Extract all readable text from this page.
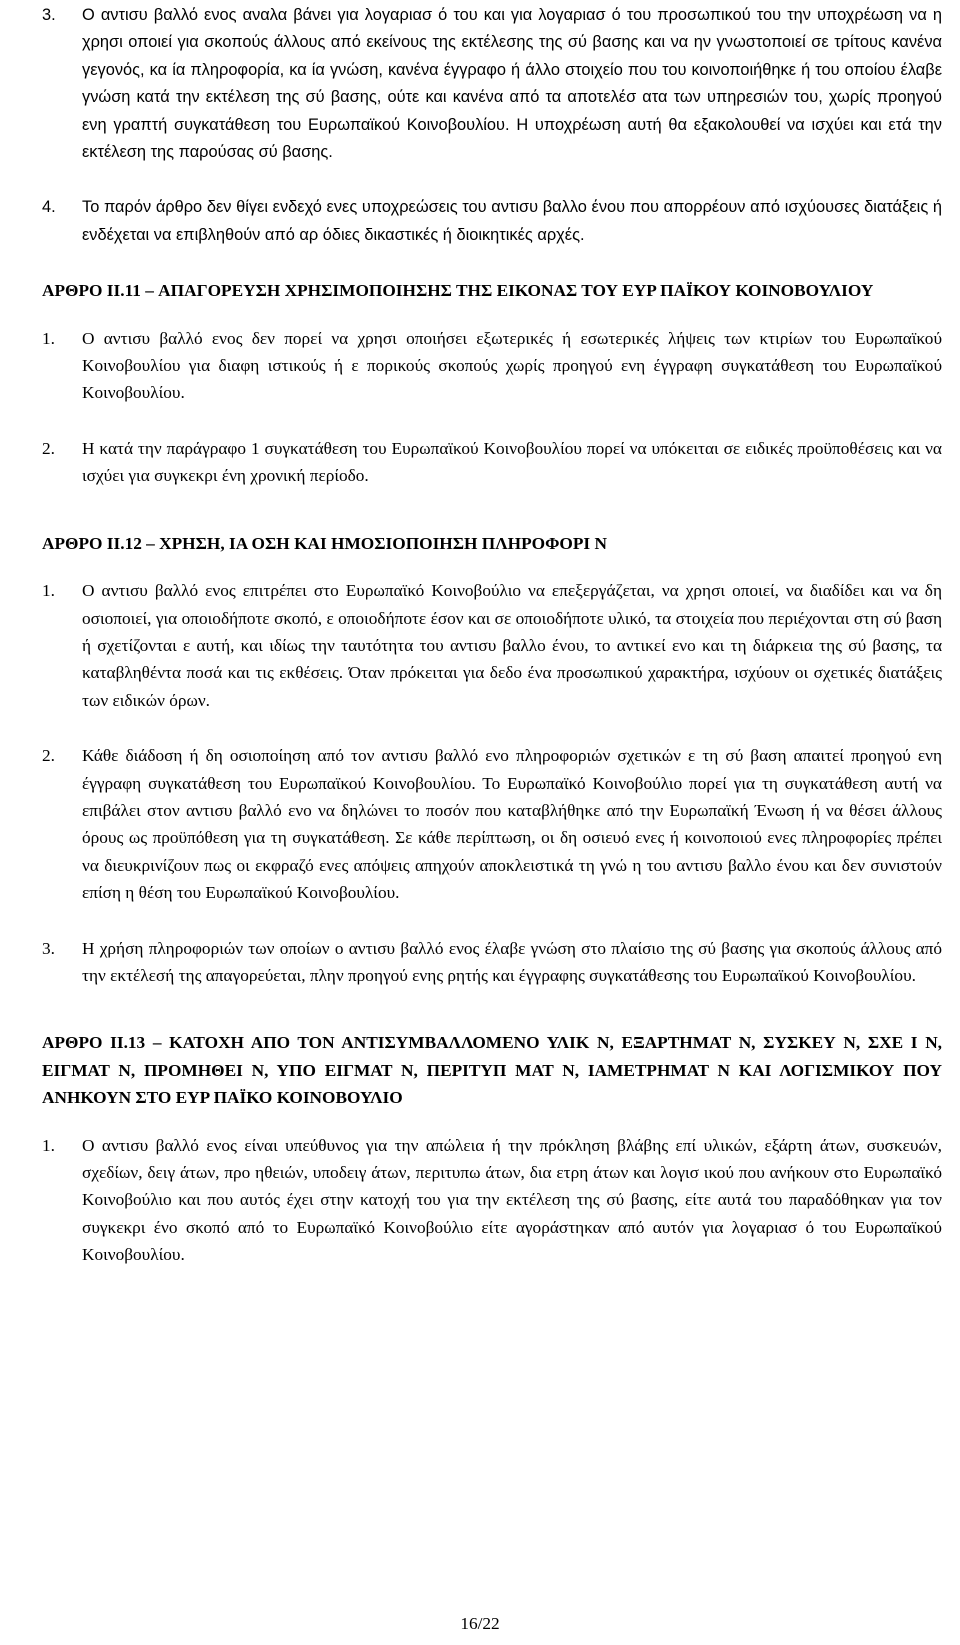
3.	Ο αντισυ βαλλό ενος αναλα βάνει για λογαριασ ό του και για λογαριασ ό του προσωπικού του την υποχρέωση να η χρησι οποιεί για σκοπούς άλλους από εκείνους της εκτέλεσης της σύ βασης και να ην γνωστοποιεί σε τρίτους κανένα γεγονός, κα ία πληροφορία, κα ία γνώση, κανένα έγγραφο ή άλλο στοιχείο που του κοινοποιήθηκε ή του οποίου έλαβε γνώση κατά την εκτέλεση της σύ βασης, ούτε και κανένα από τα αποτελέσ ατα των υπηρεσιών του, χωρίς προηγού ενη γραπτή συγκατάθεση του Ευρωπαϊκού Κοινοβουλίου. Η υποχρέωση αυτή θα εξακολουθεί να ισχύει και ετά την εκτέλεση της παρούσας σύ βασης.
4.	Το παρόν άρθρο δεν θίγει ενδεχό ενες υποχρεώσεις του αντισυ βαλλο ένου που απορρέουν από ισχύουσες διατάξεις ή ενδέχεται να επιβληθούν από αρ όδιες δικαστικές ή διοικητικές αρχές.
ΑΡΘΡΟ II.11 – ΑΠΑΓΟΡΕΥΣΗ ΧΡΗΣΙΜΟΠΟΙΗΣΗΣ ΤΗΣ ΕΙΚΟΝΑΣ ΤΟΥ ΕΥΡ ΠΑΪΚΟΥ ΚΟΙΝΟΒΟΥΛΙΟΥ
1.	Ο αντισυ βαλλό ενος δεν πορεί να χρησι οποιήσει εξωτερικές ή εσωτερικές λήψεις των κτιρίων του Ευρωπαϊκού Κοινοβουλίου για διαφη ιστικούς ή ε πορικούς σκοπούς χωρίς προηγού ενη έγγραφη συγκατάθεση του Ευρωπαϊκού Κοινοβουλίου.
2.	Η κατά την παράγραφο 1 συγκατάθεση του Ευρωπαϊκού Κοινοβουλίου πορεί να υπόκειται σε ειδικές προϋποθέσεις και να ισχύει για συγκεκρι ένη χρονική περίοδο.
ΑΡΘΡΟ II.12 – ΧΡΗΣΗ, ΙΑ ΟΣΗ ΚΑΙ ΗΜΟΣΙΟΠΟΙΗΣΗ ΠΛΗΡΟΦΟΡΙ Ν
1.	Ο αντισυ βαλλό ενος επιτρέπει στο Ευρωπαϊκό Κοινοβούλιο να επεξεργάζεται, να χρησι οποιεί, να διαδίδει και να δη οσιοποιεί, για οποιοδήποτε σκοπό, ε οποιοδήποτε έσον και σε οποιοδήποτε υλικό, τα στοιχεία που περιέχονται στη σύ βαση ή σχετίζονται ε αυτή, και ιδίως την ταυτότητα του αντισυ βαλλο ένου, το αντικεί ενο και τη διάρκεια της σύ βασης, τα καταβληθέντα ποσά και τις εκθέσεις. Όταν πρόκειται για δεδο ένα προσωπικού χαρακτήρα, ισχύουν οι σχετικές διατάξεις των ειδικών όρων.
2.	Κάθε διάδοση ή δη οσιοποίηση από τον αντισυ βαλλό ενο πληροφοριών σχετικών ε τη σύ βαση απαιτεί προηγού ενη έγγραφη συγκατάθεση του Ευρωπαϊκού Κοινοβουλίου. Το Ευρωπαϊκό Κοινοβούλιο πορεί για τη συγκατάθεση αυτή να επιβάλει στον αντισυ βαλλό ενο να δηλώνει το ποσόν που καταβλήθηκε από την Ευρωπαϊκή Ένωση ή να θέσει άλλους όρους ως προϋπόθεση για τη συγκατάθεση. Σε κάθε περίπτωση, οι δη οσιευό ενες ή κοινοποιού ενες πληροφορίες πρέπει να διευκρινίζουν πως οι εκφραζό ενες απόψεις απηχούν αποκλειστικά τη γνώ η του αντισυ βαλλο ένου και δεν συνιστούν επίση η θέση του Ευρωπαϊκού Κοινοβουλίου.
3.	Η χρήση πληροφοριών των οποίων ο αντισυ βαλλό ενος έλαβε γνώση στο πλαίσιο της σύ βασης για σκοπούς άλλους από την εκτέλεσή της απαγορεύεται, πλην προηγού ενης ρητής και έγγραφης συγκατάθεσης του Ευρωπαϊκού Κοινοβουλίου.
ΑΡΘΡΟ II.13 – ΚΑΤΟΧΗ ΑΠΟ ΤΟΝ ΑΝΤΙΣΥΜΒΑΛΛΟΜΕΝΟ ΥΛΙΚ Ν, ΕΞΑΡΤΗΜΑΤ Ν, ΣΥΣΚΕΥ Ν, ΣΧΕ Ι Ν, ΕΙΓΜΑΤ Ν, ΠΡΟΜΗΘΕΙ Ν, ΥΠΟ ΕΙΓΜΑΤ Ν, ΠΕΡΙΤΥΠ ΜΑΤ Ν, ΙΑΜΕΤΡΗΜΑΤ Ν ΚΑΙ ΛΟΓΙΣΜΙΚΟΥ ΠΟΥ ΑΝΗΚΟΥΝ ΣΤΟ ΕΥΡ ΠΑΪΚΟ ΚΟΙΝΟΒΟΥΛΙΟ
1.	Ο αντισυ βαλλό ενος είναι υπεύθυνος για την απώλεια ή την πρόκληση βλάβης επί υλικών, εξάρτη άτων, συσκευών, σχεδίων, δειγ άτων, προ ηθειών, υποδειγ άτων, περιτυπω άτων, δια ετρη άτων και λογισ ικού που ανήκουν στο Ευρωπαϊκό Κοινοβούλιο και που αυτός έχει στην κατοχή του για την εκτέλεση της σύ βασης, είτε αυτά του παραδόθηκαν για τον συγκεκρι ένο σκοπό από το Ευρωπαϊκό Κοινοβούλιο είτε αγοράστηκαν από αυτόν για λογαριασ ό του Ευρωπαϊκού Κοινοβουλίου.
16/22
